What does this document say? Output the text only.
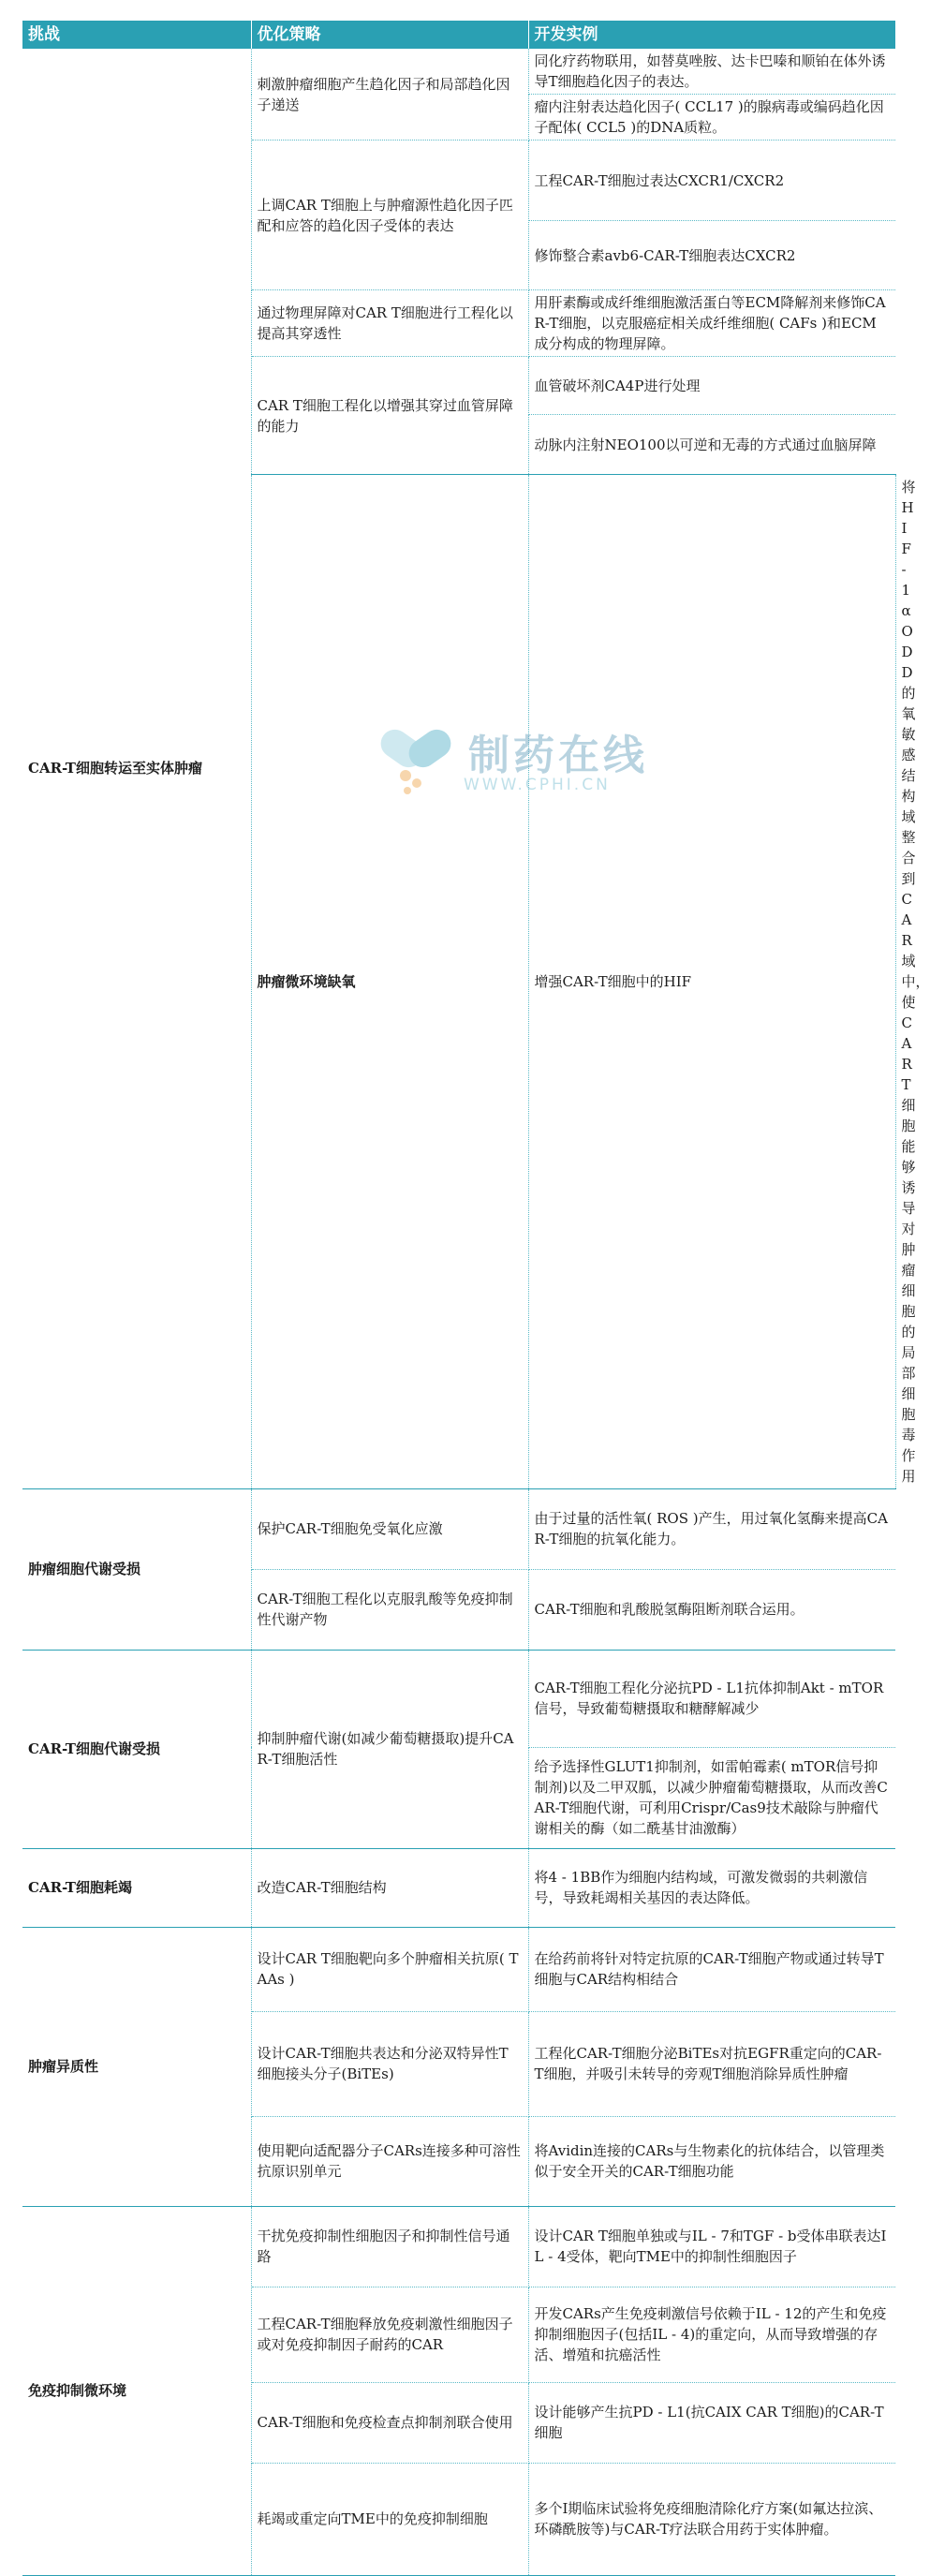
挑战	优化策略	开发实例	
CAR-T细胞转运至实体肿瘤	刺激肿瘤细胞产生趋化因子和局部趋化因子递送	同化疗药物联用，如替莫唑胺、达卡巴嗪和顺铂在体外诱导T细胞趋化因子的表达。	
		瘤内注射表达趋化因子( CCL17 )的腺病毒或编码趋化因子配体( CCL5 )的DNA质粒。	
	上调CAR T细胞上与肿瘤源性趋化因子匹配和应答的趋化因子受体的表达	工程CAR-T细胞过表达CXCR1/CXCR2	
		修饰整合素avb6-CAR-T细胞表达CXCR2	
	通过物理屏障对CAR T细胞进行工程化以提高其穿透性	用肝素酶或成纤维细胞激活蛋白等ECM降解剂来修饰CAR-T细胞，以克服癌症相关成纤维细胞( CAFs )和ECM成分构成的物理屏障。	
	CAR T细胞工程化以增强其穿过血管屏障的能力	血管破坏剂CA4P进行处理	
		动脉内注射NEO100以可逆和无毒的方式通过血脑屏障	
	肿瘤微环境缺氧	增强CAR-T细胞中的HIF	将HIF-1α ODD的氧敏感结构域整合到CAR域中，使CAR T细胞能够诱导对肿瘤细胞的局部细胞毒作用
肿瘤细胞代谢受损	保护CAR-T细胞免受氧化应激	由于过量的活性氧( ROS )产生，用过氧化氢酶来提高CAR-T细胞的抗氧化能力。	
	CAR-T细胞工程化以克服乳酸等免疫抑制性代谢产物	CAR-T细胞和乳酸脱氢酶阻断剂联合运用。	
CAR-T细胞代谢受损	抑制肿瘤代谢(如减少葡萄糖摄取)提升CAR-T细胞活性	CAR-T细胞工程化分泌抗PD - L1抗体抑制Akt - mTOR信号，导致葡萄糖摄取和糖酵解减少	
		给予选择性GLUT1抑制剂，如雷帕霉素( mTOR信号抑制剂)以及二甲双胍，以减少肿瘤葡萄糖摄取，从而改善CAR-T细胞代谢，可利用Crispr/Cas9技术敲除与肿瘤代谢相关的酶（如二酰基甘油激酶）	
CAR-T细胞耗竭	改造CAR-T细胞结构	将4 - 1BB作为细胞内结构域，可激发微弱的共刺激信号，导致耗竭相关基因的表达降低。	
肿瘤异质性	设计CAR T细胞靶向多个肿瘤相关抗原( TAAs )	在给药前将针对特定抗原的CAR-T细胞产物或通过转导T细胞与CAR结构相结合	
	设计CAR-T细胞共表达和分泌双特异性T细胞接头分子(BiTEs)	工程化CAR-T细胞分泌BiTEs对抗EGFR重定向的CAR-T细胞，并吸引未转导的旁观T细胞消除异质性肿瘤	
	使用靶向适配器分子CARs连接多种可溶性抗原识别单元	将Avidin连接的CARs与生物素化的抗体结合，以管理类似于安全开关的CAR-T细胞功能	
免疫抑制微环境	干扰免疫抑制性细胞因子和抑制性信号通路	设计CAR T细胞单独或与IL - 7和TGF - b受体串联表达IL - 4受体，靶向TME中的抑制性细胞因子	
	工程CAR-T细胞释放免疫刺激性细胞因子或对免疫抑制因子耐药的CAR	开发CARs产生免疫刺激信号依赖于IL - 12的产生和免疫抑制细胞因子(包括IL - 4)的重定向，从而导致增强的存活、增殖和抗癌活性	
	CAR-T细胞和免疫检查点抑制剂联合使用	设计能够产生抗PD - L1(抗CAIX CAR T细胞)的CAR-T细胞	
	耗竭或重定向TME中的免疫抑制细胞	多个I期临床试验将免疫细胞清除化疗方案(如氟达拉滨、环磷酰胺等)与CAR-T疗法联合用药于实体肿瘤。	
制药在线
WWW.CPHI.CN
